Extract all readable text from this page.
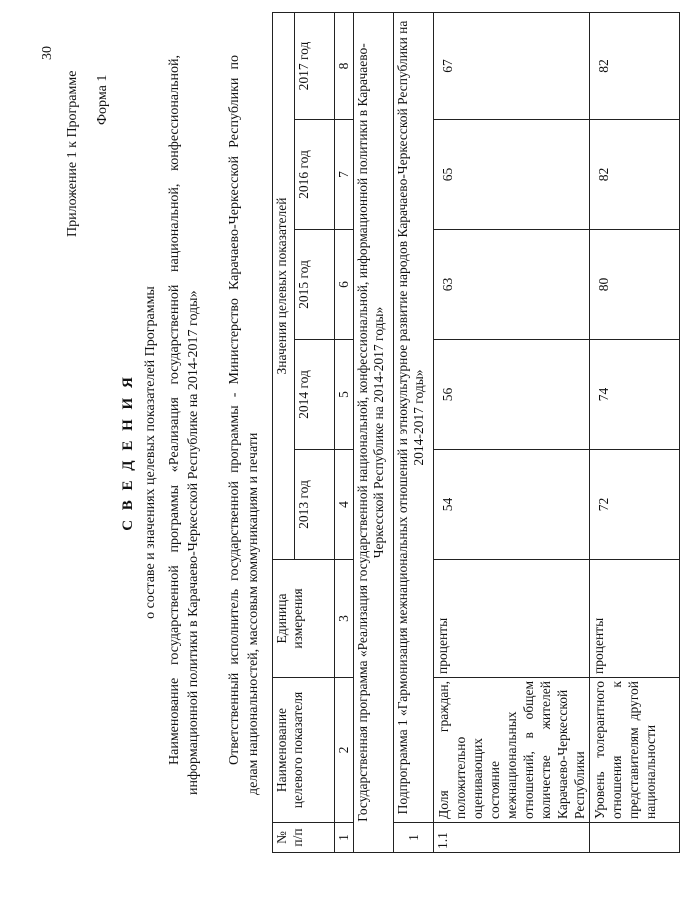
30
Приложение 1 к Программе Форма 1
С В Е Д Е Н И Я о составе и значениях целевых показателей Программы Наименование государственной программы «Реализация государственной национальной, конфессиональной, информационной политики в Карачаево-Черкесской Республике на 2014-2017 годы» Ответственный исполнитель государственной программы - Министерство Карачаево-Черкесской Республики по делам национальностей, массовым коммуникациям и печати
№ п/п	Наименование целевого показателя	Единица измерения	Значения целевых показателей				
			2013 год	2014 год	2015 год	2016 год	2017 год
1	2	3	4	5	6	7	8
Государственная программа «Реализация государственной национальной, конфессиональной, информационной политики в Карачаево-Черкесской Республике на 2014-2017 годы»							
1	Подпрограмма 1 «Гармонизация межнациональных отношений и этнокультурное развитие народов Карачаево-Черкесской Республики на 2014-2017 годы»						
1.1	Доля граждан, положительно оценивающих состояние межнациональных отношений, в общем количестве жителей Карачаево-Черкесской Республики	проценты	54	56	63	65	67
	Уровень толерантного отношения к представителям другой национальности	проценты	72	74	80	82	82
